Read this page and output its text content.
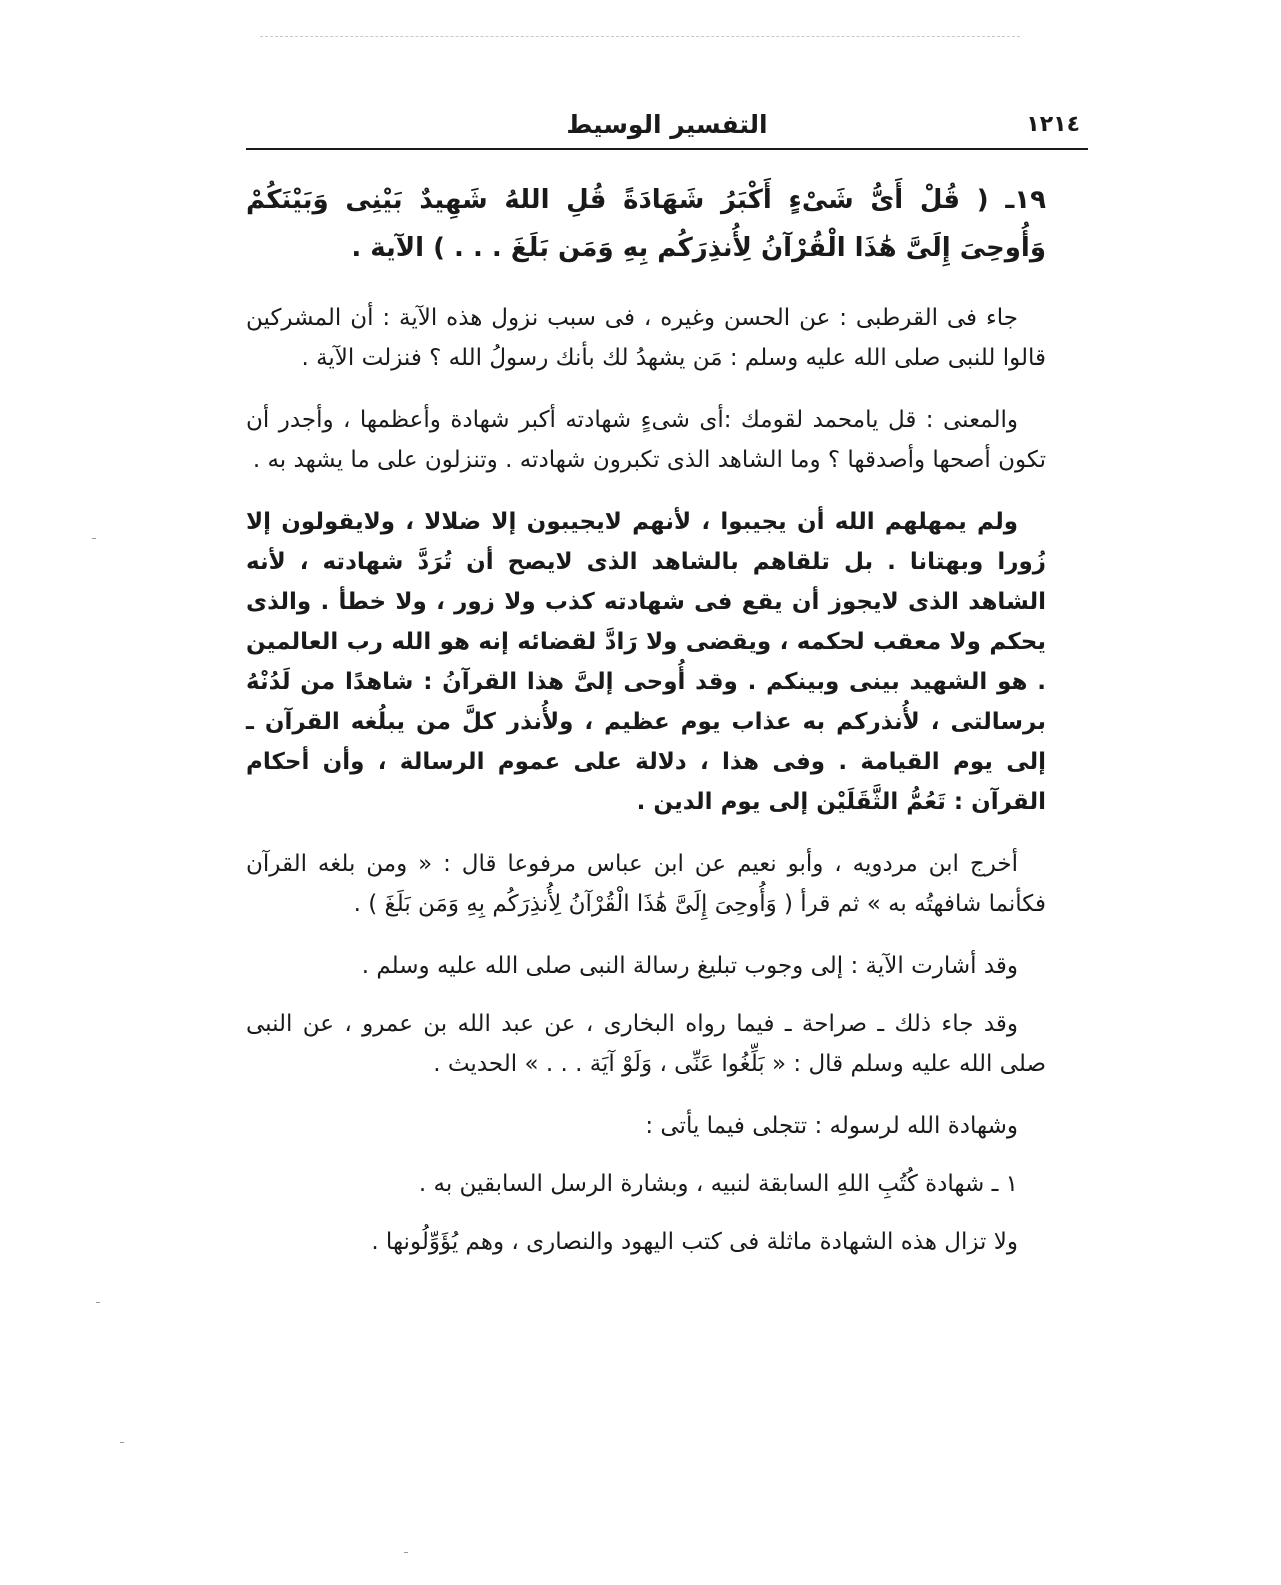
١٢١٤
التفسير الوسيط

١٩ـ ( قُلْ أَىُّ شَىْءٍ أَكْبَرُ شَهَادَةً قُلِ اللهُ شَهِيدٌ بَيْنِى وَبَيْنَكُمْ وَأُوحِىَ إِلَىَّ هَٰذَا الْقُرْآنُ لِأُنذِرَكُم بِهِ وَمَن بَلَغَ . . . ) الآية .

جاء فى القرطبى : عن الحسن وغيره ، فى سبب نزول هذه الآية : أن المشركين قالوا للنبى صلى الله عليه وسلم : مَن يشهدُ لك بأنك رسولُ الله ؟ فنزلت الآية .

والمعنى : قل يامحمد لقومك :أى شىءٍ شهادته أكبر شهادة وأعظمها ، وأجدر أن تكون أصحها وأصدقها ؟ وما الشاهد الذى تكبرون شهادته . وتنزلون على ما يشهد به .

ولم يمهلهم الله أن يجيبوا ، لأنهم لايجيبون إلا ضلالا ، ولايقولون إلا زُورا وبهتانا . بل تلقاهم بالشاهد الذى لايصح أن تُرَدَّ شهادته ، لأنه الشاهد الذى لايجوز أن يقع فى شهادته كذب ولا زور ، ولا خطأ . والذى يحكم ولا معقب لحكمه ، ويقضى ولا رَادَّ لقضائه إنه هو الله رب العالمين . هو الشهيد بينى وبينكم . وقد أُوحى إلىَّ هذا القرآنُ : شاهدًا من لَدُنْهُ برسالتى ، لأُنذركم به عذاب يوم عظيم ، ولأُنذر كلَّ من يبلُغه القرآن ـ إلى يوم القيامة . وفى هذا ، دلالة على عموم الرسالة ، وأن أحكام القرآن : تَعُمُّ الثَّقَلَيْن إلى يوم الدين .

أخرج ابن مردويه ، وأبو نعيم عن ابن عباس مرفوعا قال : « ومن بلغه القرآن فكأنما شافهتُه به » ثم قرأ ( وَأُوحِىَ إِلَىَّ هَٰذَا الْقُرْآنُ لِأُنذِرَكُم بِهِ وَمَن بَلَغَ ) .

وقد أشارت الآية : إلى وجوب تبليغ رسالة النبى صلى الله عليه وسلم .

وقد جاء ذلك ـ صراحة ـ فيما رواه البخارى ، عن عبد الله بن عمرو ، عن النبى صلى الله عليه وسلم قال : « بَلِّغُوا عَنِّى ، وَلَوْ آيَة . . . » الحديث .

وشهادة الله لرسوله : تتجلى فيما يأتى :

١ ـ شهادة كُتُبِ اللهِ السابقة لنبيه ، وبشارة الرسل السابقين به .

ولا تزال هذه الشهادة ماثلة فى كتب اليهود والنصارى ، وهم يُؤَوِّلُونها .
